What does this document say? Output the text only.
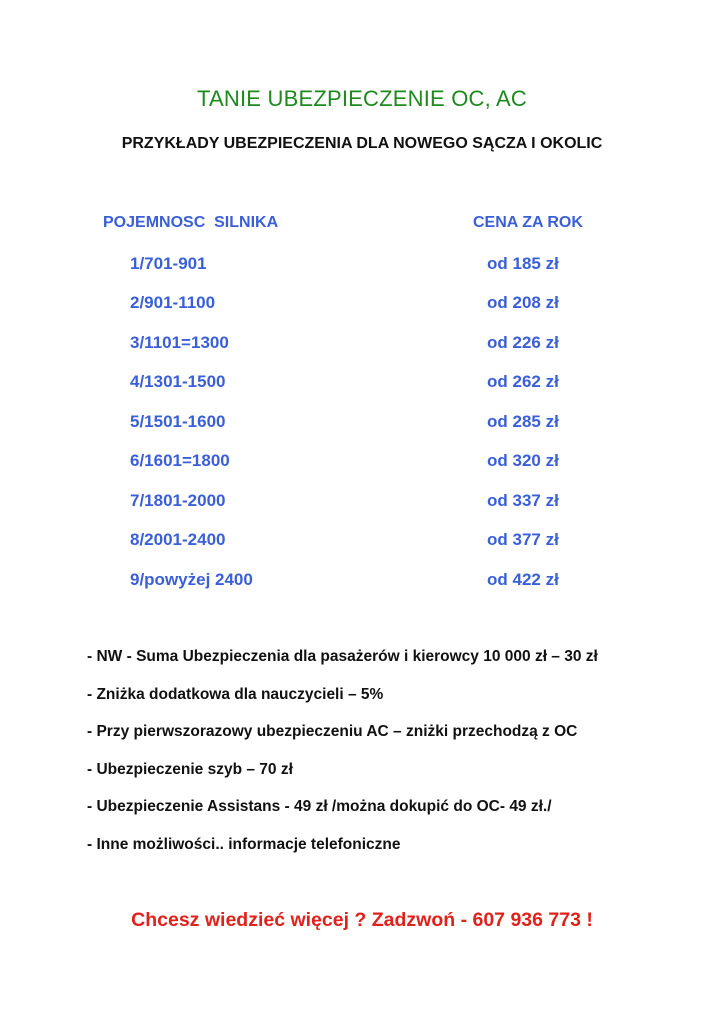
TANIE UBEZPIECZENIE OC, AC
PRZYKŁADY UBEZPIECZENIA DLA NOWEGO SĄCZA I OKOLIC
POJEMNOSC  SILNIKA	CENA ZA ROK
1/701-901	od 185 zł
2/901-1100	od 208 zł
3/1101=1300	od 226 zł
4/1301-1500	od 262 zł
5/1501-1600	od 285 zł
6/1601=1800	od 320 zł
7/1801-2000	od 337 zł
8/2001-2400	od 377 zł
9/powyżej 2400	od 422 zł
- NW - Suma Ubezpieczenia dla pasażerów i kierowcy 10 000 zł – 30 zł
- Zniżka dodatkowa dla nauczycieli – 5%
- Przy pierwszorazowy ubezpieczeniu AC – zniżki przechodzą z OC
- Ubezpieczenie szyb – 70 zł
- Ubezpieczenie Assistans - 49 zł /można dokupić do OC- 49 zł./
- Inne możliwości.. informacje telefoniczne
Chcesz wiedzieć więcej ? Zadzwoń - 607 936 773 !
